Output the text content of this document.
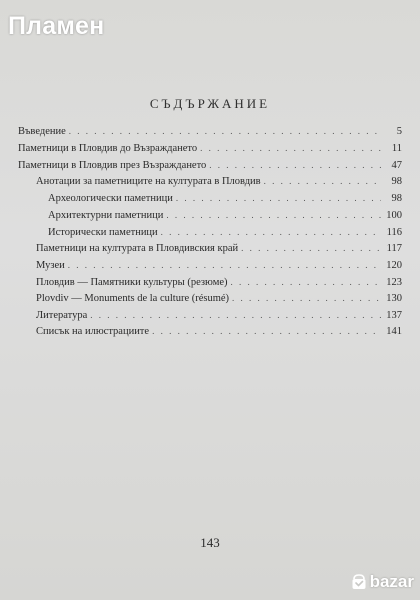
Пламен
СЪДЪРЖАНИЕ
Въведение . . .	5
Паметници в Пловдив до Възраждането . . .	11
Паметници в Пловдив през Възраждането . . .	47
Анотации за паметниците на културата в Пловдив . . .	98
Археологически паметници . . .	98
Архитектурни паметници . . .	100
Исторически паметници . . .	116
Паметници на културата в Пловдивския край . . .	117
Музеи . . .	120
Пловдив — Памятники культуры (резюме) . . .	123
Plovdiv — Monuments de la culture (résumé) . . .	130
Литература . . .	137
Списък на илюстрациите . . .	141
143
bazar
